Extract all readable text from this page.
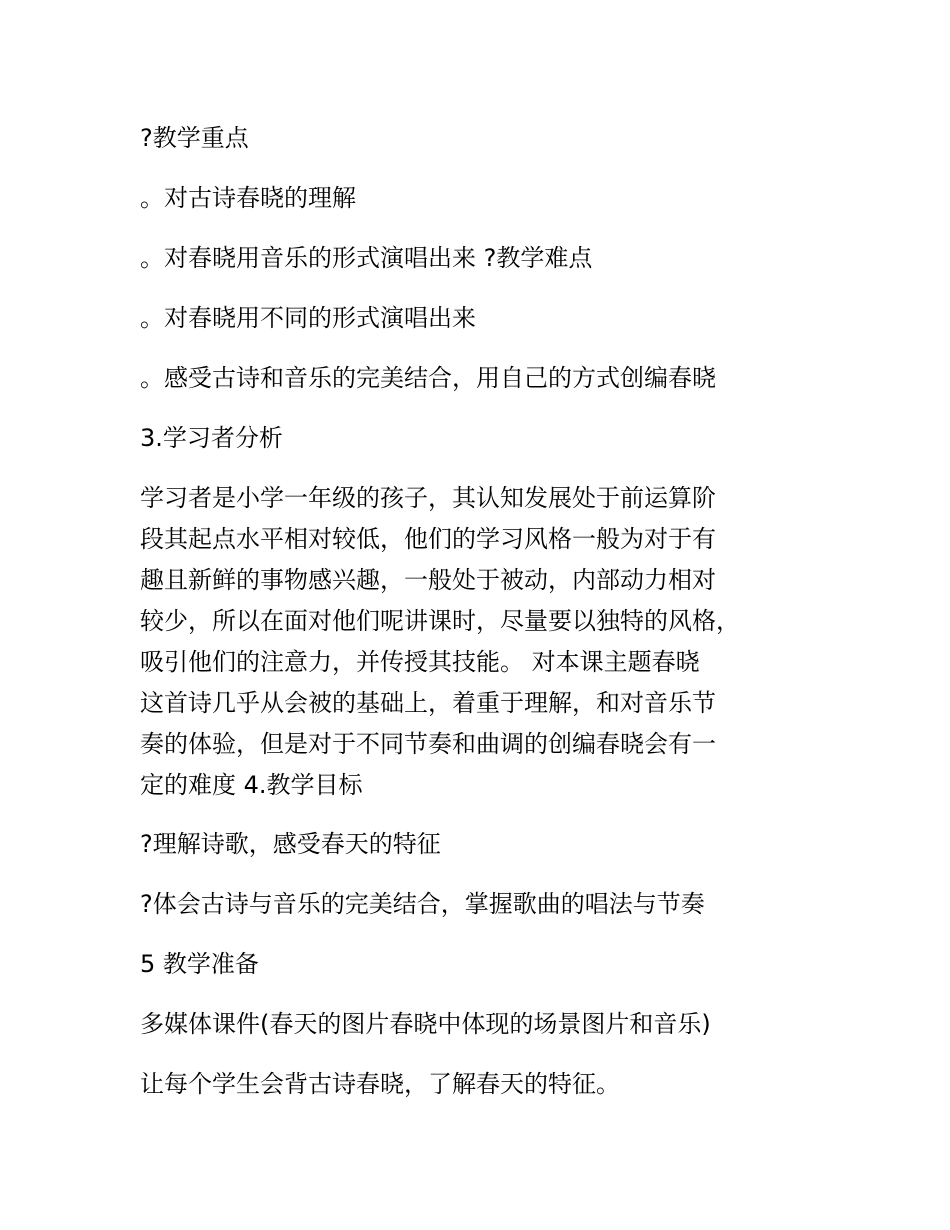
?教学重点
。对古诗春晓的理解
。对春晓用音乐的形式演唱出来 ?教学难点
。对春晓用不同的形式演唱出来
。感受古诗和音乐的完美结合，用自己的方式创编春晓
3.学习者分析
学习者是小学一年级的孩子，其认知发展处于前运算阶
段其起点水平相对较低，他们的学习风格一般为对于有
趣且新鲜的事物感兴趣，一般处于被动，内部动力相对
较少，所以在面对他们呢讲课时，尽量要以独特的风格，
吸引他们的注意力，并传授其技能。 对本课主题春晓
这首诗几乎从会被的基础上，着重于理解，和对音乐节
奏的体验，但是对于不同节奏和曲调的创编春晓会有一
定的难度 4.教学目标
?理解诗歌，感受春天的特征
?体会古诗与音乐的完美结合，掌握歌曲的唱法与节奏
5 教学准备
多媒体课件(春天的图片春晓中体现的场景图片和音乐)
让每个学生会背古诗春晓，了解春天的特征。
